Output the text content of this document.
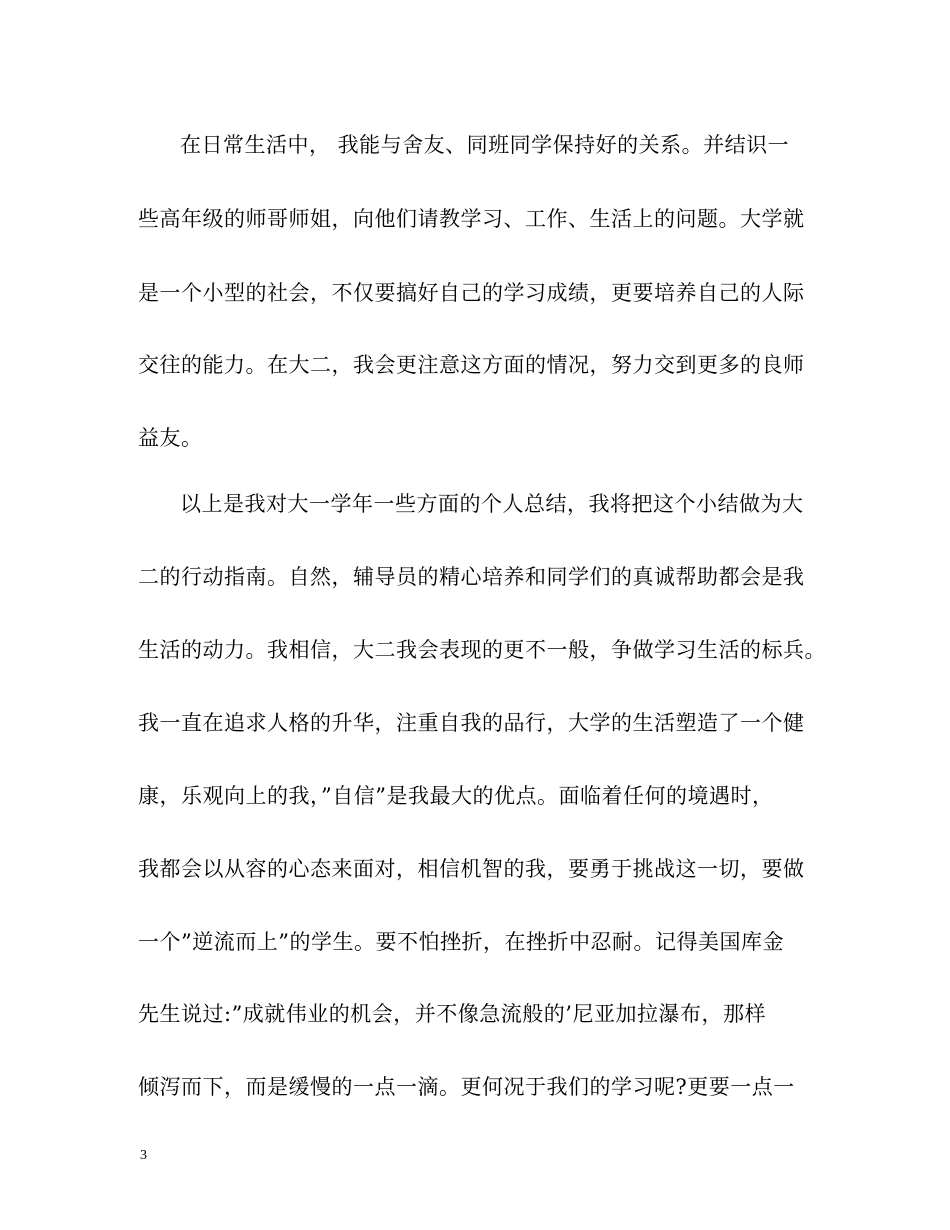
在日常生活中， 我能与舍友、同班同学保持好的关系。并结识一
些高年级的师哥师姐，向他们请教学习、工作、生活上的问题。大学就
是一个小型的社会，不仅要搞好自己的学习成绩，更要培养自己的人际
交往的能力。在大二，我会更注意这方面的情况，努力交到更多的良师
益友。
以上是我对大一学年一些方面的个人总结，我将把这个小结做为大
二的行动指南。自然，辅导员的精心培养和同学们的真诚帮助都会是我
生活的动力。我相信，大二我会表现的更不一般，争做学习生活的标兵。
我一直在追求人格的升华，注重自我的品行，大学的生活塑造了一个健
康，乐观向上的我，”自信”是我最大的优点。面临着任何的境遇时，
我都会以从容的心态来面对，相信机智的我，要勇于挑战这一切，要做
一个”逆流而上”的学生。要不怕挫折，在挫折中忍耐。记得美国库金
先生说过:”成就伟业的机会，并不像急流般的’尼亚加拉瀑布，那样
倾泻而下，而是缓慢的一点一滴。更何况于我们的学习呢?更要一点一
3
